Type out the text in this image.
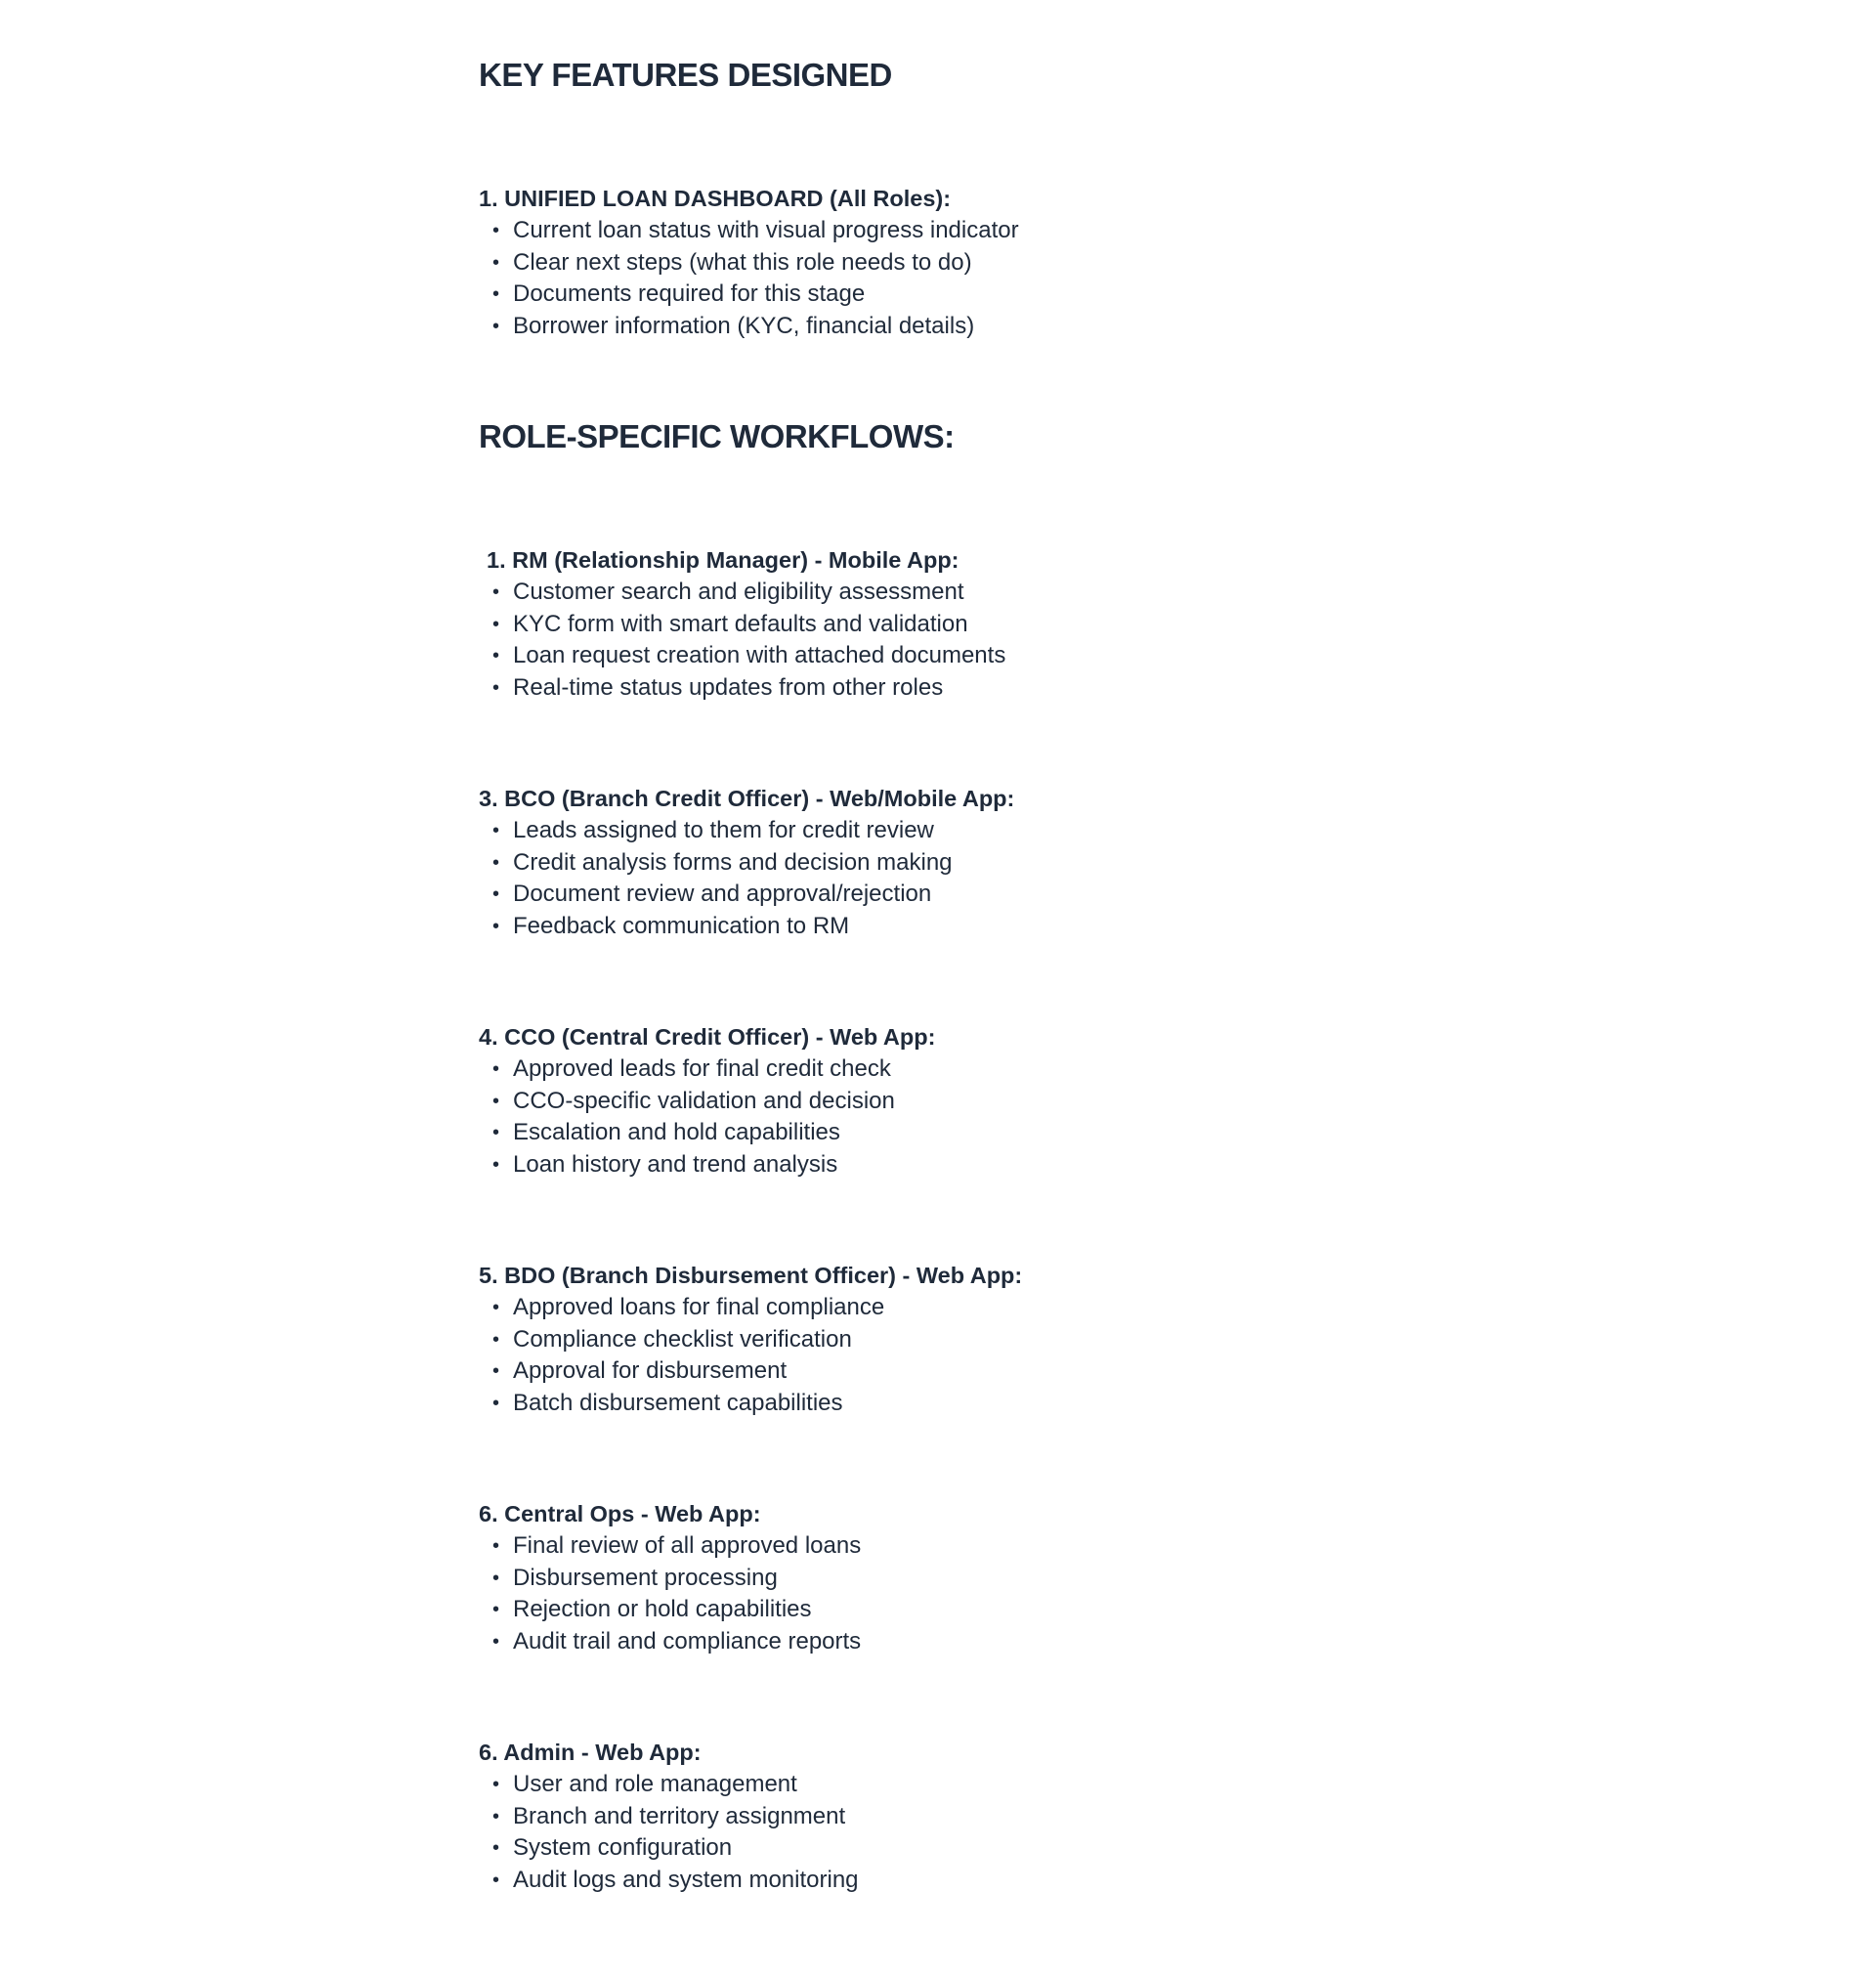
KEY FEATURES DESIGNED
1. UNIFIED LOAN DASHBOARD (All Roles):
• Current loan status with visual progress indicator
• Clear next steps (what this role needs to do)
• Documents required for this stage
• Borrower information (KYC, financial details)
ROLE-SPECIFIC WORKFLOWS:
1. RM (Relationship Manager) - Mobile App:
• Customer search and eligibility assessment
• KYC form with smart defaults and validation
• Loan request creation with attached documents
• Real-time status updates from other roles
3. BCO (Branch Credit Officer) - Web/Mobile App:
• Leads assigned to them for credit review
• Credit analysis forms and decision making
• Document review and approval/rejection
• Feedback communication to RM
4. CCO (Central Credit Officer) - Web App:
• Approved leads for final credit check
• CCO-specific validation and decision
• Escalation and hold capabilities
• Loan history and trend analysis
5. BDO (Branch Disbursement Officer) - Web App:
• Approved loans for final compliance
• Compliance checklist verification
• Approval for disbursement
• Batch disbursement capabilities
6. Central Ops - Web App:
• Final review of all approved loans
• Disbursement processing
• Rejection or hold capabilities
• Audit trail and compliance reports
6. Admin - Web App:
• User and role management
• Branch and territory assignment
• System configuration
• Audit logs and system monitoring
